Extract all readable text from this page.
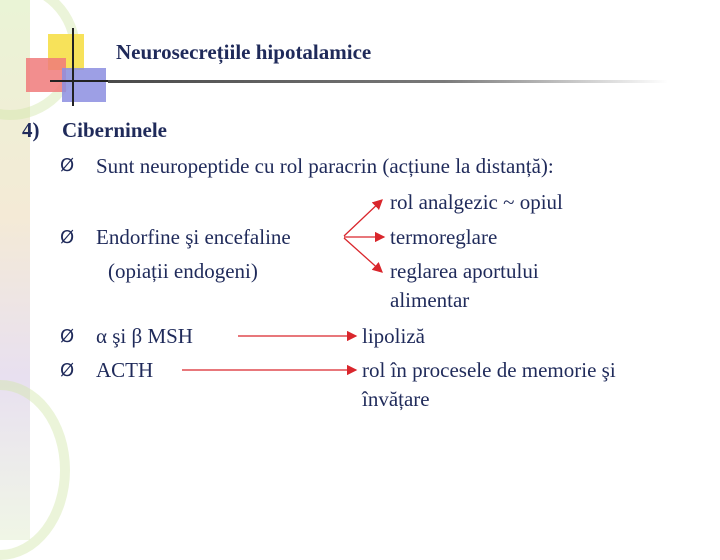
Neurosecrețiile hipotalamice
4) Ciberninele
Ø Sunt neuropeptide cu rol paracrin (acțiune la distanță):
rol analgezic ~ opiul
Ø Endorfine şi encefaline	termoreglare
(opiații endogeni)	reglarea aportului
alimentar
Ø α şi β MSH	lipoliză
Ø ACTH	rol în procesele de memorie şi
învățare
